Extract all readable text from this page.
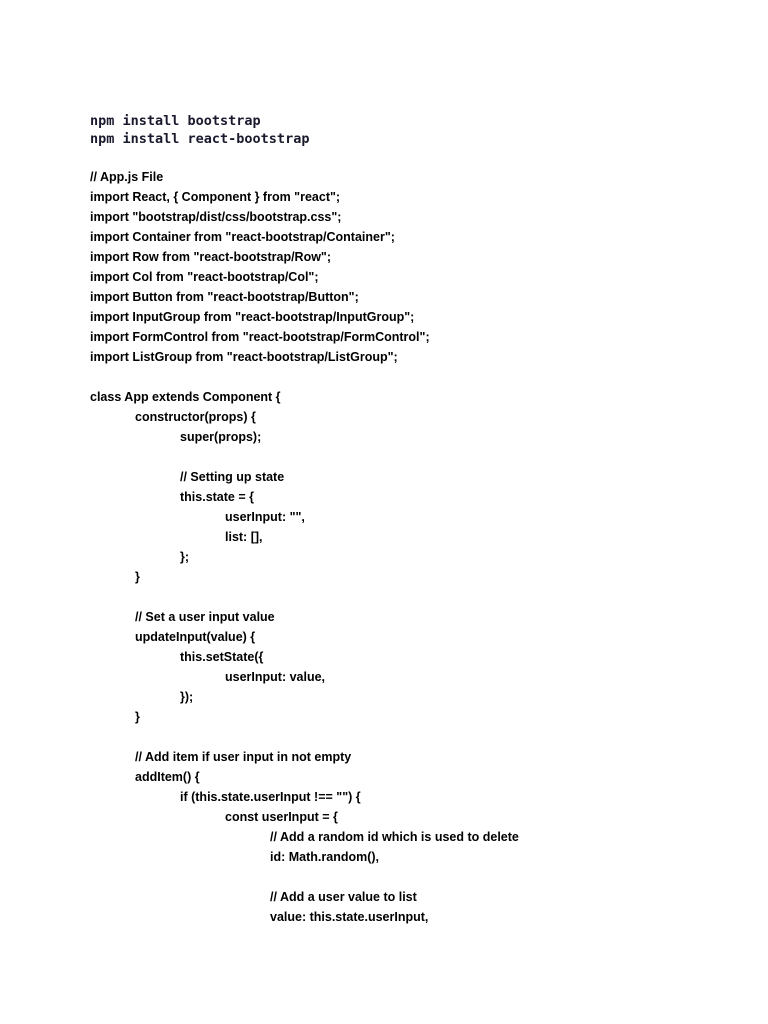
npm install bootstrap
npm install react-bootstrap
// App.js File
import React, { Component } from "react";
import "bootstrap/dist/css/bootstrap.css";
import Container from "react-bootstrap/Container";
import Row from "react-bootstrap/Row";
import Col from "react-bootstrap/Col";
import Button from "react-bootstrap/Button";
import InputGroup from "react-bootstrap/InputGroup";
import FormControl from "react-bootstrap/FormControl";
import ListGroup from "react-bootstrap/ListGroup";
class App extends Component {
constructor(props) {
super(props);
// Setting up state
this.state = {
userInput: "",
list: [],
};
}
// Set a user input value
updateInput(value) {
this.setState({
userInput: value,
});
}
// Add item if user input in not empty
addItem() {
if (this.state.userInput !== "") {
const userInput = {
// Add a random id which is used to delete
id: Math.random(),
// Add a user value to list
value: this.state.userInput,
